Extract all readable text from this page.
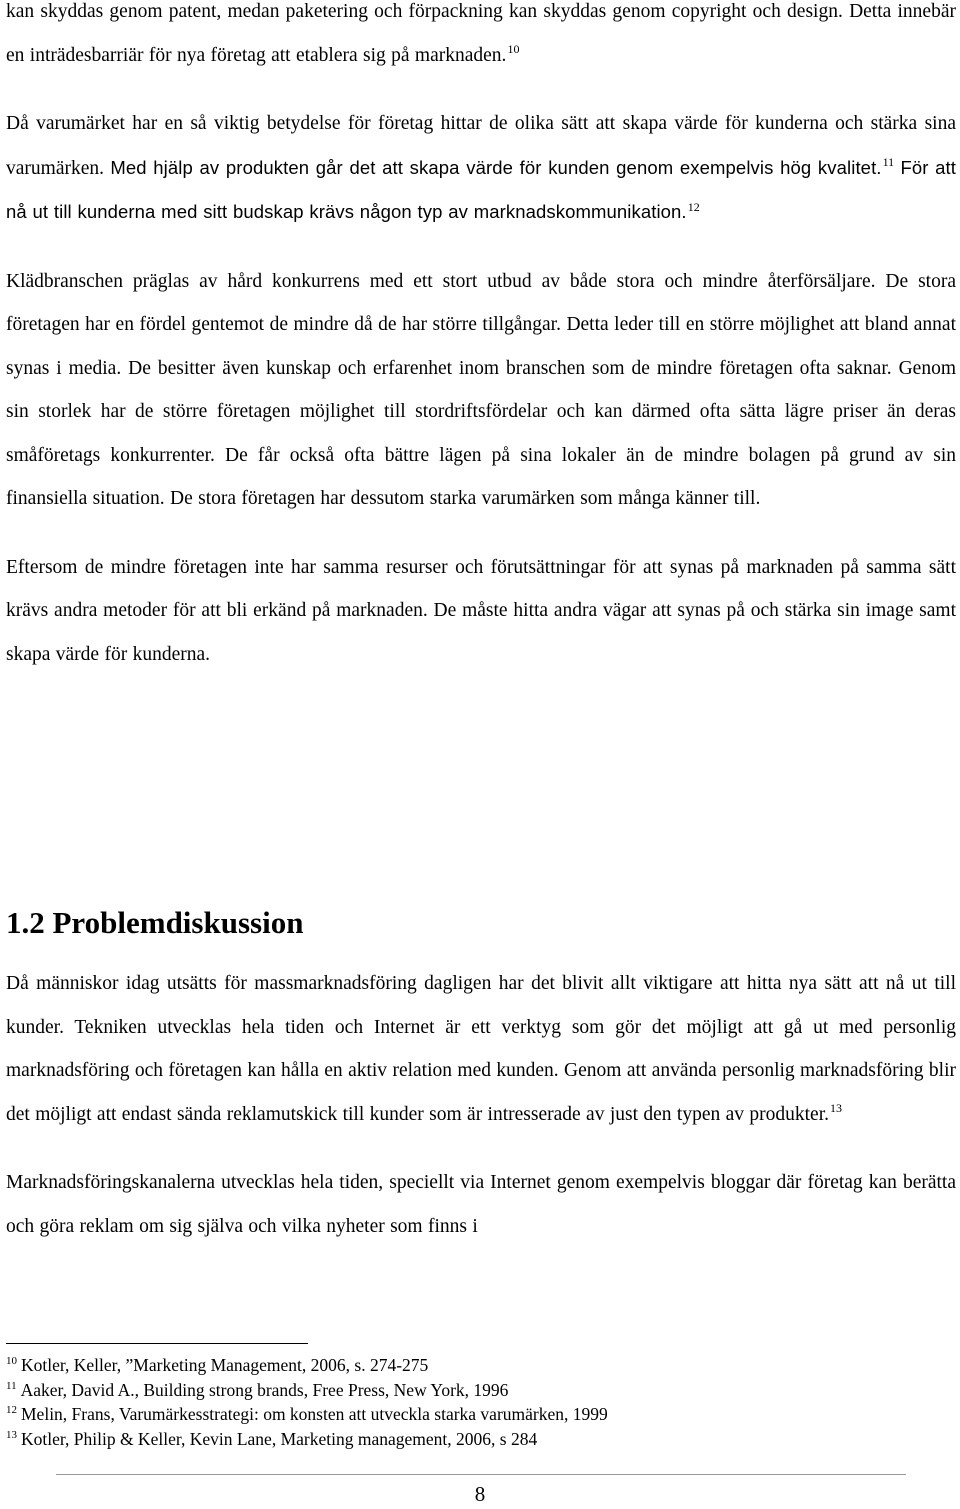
kan skyddas genom patent, medan paketering och förpackning kan skyddas genom copyright och design. Detta innebär en inträdesbarriär för nya företag att etablera sig på marknaden.$^{10}$

Då varumärket har en så viktig betydelse för företag hittar de olika sätt att skapa värde för kunderna och stärka sina varumärken. Med hjälp av produkten går det att skapa värde för kunden genom exempelvis hög kvalitet.$^{11}$ För att nå ut till kunderna med sitt budskap krävs någon typ av marknadskommunikation.$^{12}$

Klädbranschen präglas av hård konkurrens med ett stort utbud av både stora och mindre återförsäljare. De stora företagen har en fördel gentemot de mindre då de har större tillgångar. Detta leder till en större möjlighet att bland annat synas i media. De besitter även kunskap och erfarenhet inom branschen som de mindre företagen ofta saknar. Genom sin storlek har de större företagen möjlighet till stordriftsfördelar och kan därmed ofta sätta lägre priser än deras småföretags konkurrenter. De får också ofta bättre lägen på sina lokaler än de mindre bolagen på grund av sin finansiella situation. De stora företagen har dessutom starka varumärken som många känner till.

Eftersom de mindre företagen inte har samma resurser och förutsättningar för att synas på marknaden på samma sätt krävs andra metoder för att bli erkänd på marknaden. De måste hitta andra vägar att synas på och stärka sin image samt skapa värde för kunderna.

1.2 Problemdiskussion

Då människor idag utsätts för massmarknadsföring dagligen har det blivit allt viktigare att hitta nya sätt att nå ut till kunder. Tekniken utvecklas hela tiden och Internet är ett verktyg som gör det möjligt att gå ut med personlig marknadsföring och företagen kan hålla en aktiv relation med kunden. Genom att använda personlig marknadsföring blir det möjligt att endast sända reklamutskick till kunder som är intresserade av just den typen av produkter.$^{13}$

Marknadsföringskanalerna utvecklas hela tiden, speciellt via Internet genom exempelvis bloggar där företag kan berätta och göra reklam om sig själva och vilka nyheter som finns i

$^{10}$ Kotler, Keller, ”Marketing Management, 2006, s. 274-275

$^{11}$ Aaker, David A., Building strong brands, Free Press, New York, 1996

$^{12}$ Melin, Frans, Varumärkesstrategi: om konsten att utveckla starka varumärken, 1999

$^{13}$ Kotler, Philip & Keller, Kevin Lane, Marketing management, 2006, s 284

8
